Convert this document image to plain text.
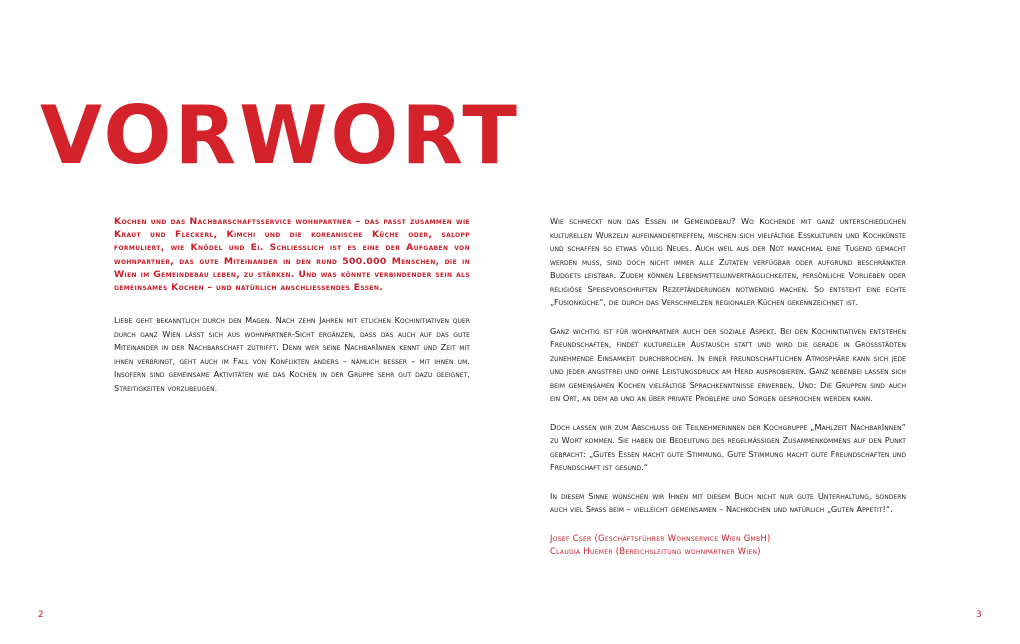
VORWORT

Kochen und das Nachbarschaftsservice wohnpartner – das passt zusammen wie Kraut und Fleckerl, Kimchi und die koreanische Küche oder, salopp formuliert, wie Knödel und Ei. Schliesslich ist es eine der Aufgaben von wohnpartner, das gute Miteinander in den rund 500.000 Menschen, die in Wien im Gemeindebau leben, zu stärken. Und was könnte verbindender sein als gemeinsames Kochen – und natürlich anschliessendes Essen.

Liebe geht bekanntlich durch den Magen. Nach zehn Jahren mit etlichen Kochinitiativen quer durch ganz Wien lässt sich aus wohnpartner-Sicht ergänzen, dass das auch auf das gute Miteinander in der Nachbarschaft zutrifft. Denn wer seine NachbarInnen kennt und Zeit mit ihnen verbringt, geht auch im Fall von Konflikten anders – nämlich besser – mit ihnen um. Insofern sind gemeinsame Aktivitäten wie das Kochen in der Gruppe sehr gut dazu geeignet, Streitigkeiten vorzubeugen.

Wie schmeckt nun das Essen im Gemeindebau? Wo Kochende mit ganz unterschiedlichen kulturellen Wurzeln aufeinandertreffen, mischen sich vielfältige Esskulturen und Kochkünste und schaffen so etwas völlig Neues. Auch weil aus der Not manchmal eine Tugend gemacht werden muss, sind doch nicht immer alle Zutaten verfügbar oder aufgrund beschränkter Budgets leistbar. Zudem können Lebensmittelunverträglichkeiten, persönliche Vorlieben oder religiöse Speisevorschriften Rezeptänderungen notwendig machen. So entsteht eine echte „Fusionküche“, die durch das Verschmelzen regionaler Küchen gekennzeichnet ist.

Ganz wichtig ist für wohnpartner auch der soziale Aspekt. Bei den Kochinitiativen entstehen Freundschaften, findet kultureller Austausch statt und wird die gerade in Grossstädten zunehmende Einsamkeit durchbrochen. In einer freundschaftlichen Atmosphäre kann sich jede und jeder angstfrei und ohne Leistungsdruck am Herd ausprobieren. Ganz nebenbei lassen sich beim gemeinsamen Kochen vielfältige Sprachkenntnisse erwerben. Und: Die Gruppen sind auch ein Ort, an dem ab und an über private Probleme und Sorgen gesprochen werden kann.

Doch lassen wir zum Abschluss die Teilnehmerinnen der Kochgruppe „Mahlzeit NachbarInnen“ zu Wort kommen. Sie haben die Bedeutung des regelmässigen Zusammenkommens auf den Punkt gebracht: „Gutes Essen macht gute Stimmung. Gute Stimmung macht gute Freundschaften und Freundschaft ist gesund.“

In diesem Sinne wünschen wir Ihnen mit diesem Buch nicht nur gute Unterhaltung, sondern auch viel Spass beim – vielleicht gemeinsamen – Nachkochen und natürlich „Guten Appetit!“.

Josef Cser (Geschäftsführer Wohnservice Wien GmbH)

Claudia Huemer (Bereichsleitung wohnpartner Wien)

2	3
